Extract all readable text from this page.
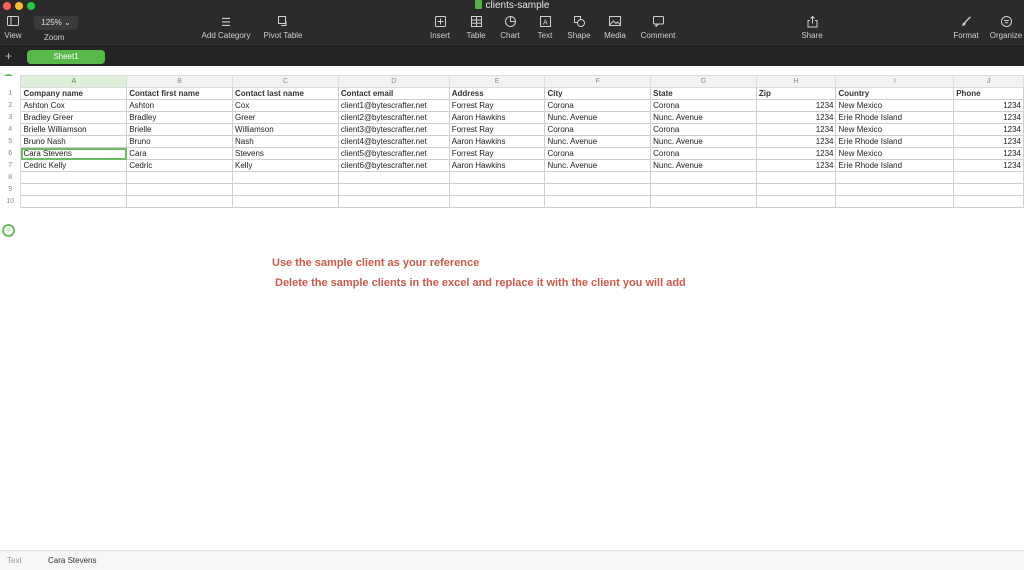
clients-sample
View
125% ⌄
Zoom
☰
Add Category	Pivot Table	Insert	Table	Chart
A
Text	Shape	Media	Comment	Share	Format	Organize
+	Sheet1
	A	B	C	D	E	F	G	H	I	J
1	Company name	Contact first name	Contact last name	Contact email	Address	City	State	Zip	Country	Phone
2	Ashton Cox	Ashton	Cox	client1@bytescrafter.net	Forrest Ray	Corona	Corona	1234	New Mexico	1234
3	Bradley Greer	Bradley	Greer	client2@bytescrafter.net	Aaron Hawkins	Nunc. Avenue	Nunc. Avenue	1234	Erie Rhode Island	1234
4	Brielle Williamson	Brielle	Williamson	client3@bytescrafter.net	Forrest Ray	Corona	Corona	1234	New Mexico	1234
5	Bruno Nash	Bruno	Nash	client4@bytescrafter.net	Aaron Hawkins	Nunc. Avenue	Nunc. Avenue	1234	Erie Rhode Island	1234
6	Cara Stevens	Cara	Stevens	client5@bytescrafter.net	Forrest Ray	Corona	Corona	1234	New Mexico	1234
7	Cedric Kelly	Cedric	Kelly	client6@bytescrafter.net	Aaron Hawkins	Nunc. Avenue	Nunc. Avenue	1234	Erie Rhode Island	1234
8										
9										
10										
=
Use the sample client as your reference
Delete the sample clients in the excel and replace it with the client you will add
Text	Cara Stevens
